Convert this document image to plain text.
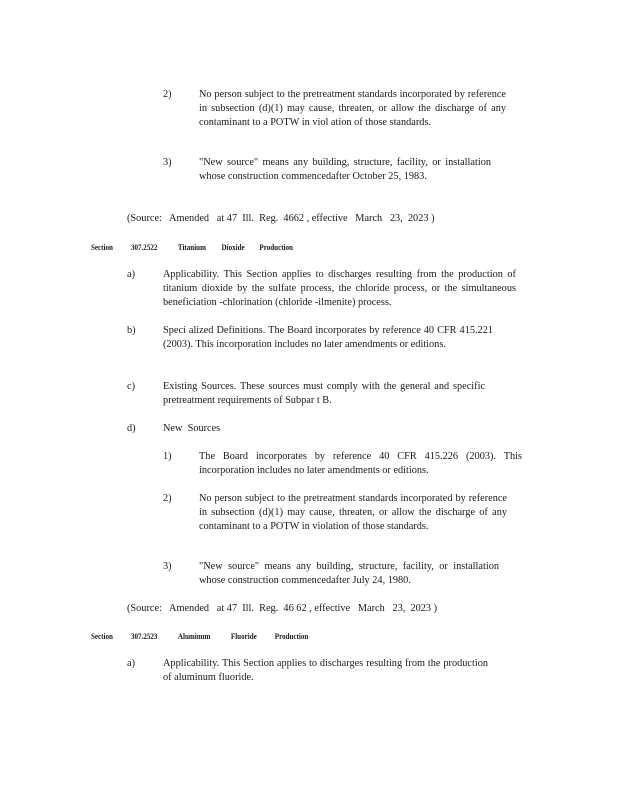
2)	No person subject to the pretreatment standards incorporated by reference in subsection (d)(1) may cause, threaten, or allow the discharge of any contaminant to a POTW in viol ation of those standards.
3)	"New source" means any building, structure, facility, or installation whose construction commencedafter October 25, 1983.
(Source:   Amended   at 47  Ill.  Reg.  4662 , effective   March   23,  2023 )
Section 307.2522 Titanium Dioxide Production
a)	Applicability. This Section applies to discharges resulting from the production of titanium dioxide by the sulfate process, the chloride process, or the simultaneous beneficiation -chlorination (chloride -ilmenite) process.
b)	Speci alized Definitions. The Board incorporates by reference 40 CFR 415.221 (2003). This incorporation includes no later amendments or editions.
c)	Existing Sources. These sources must comply with the general and specific pretreatment requirements of Subpar t B.
d)	New  Sources
1)	The Board incorporates by reference 40 CFR 415.226 (2003). This incorporation includes no later amendments or editions.
2)	No person subject to the pretreatment standards incorporated by reference in subsection (d)(1) may cause, threaten, or allow the discharge of any contaminant to a POTW in violation of those standards.
3)	"New source" means any building, structure, facility, or installation whose construction commencedafter July 24, 1980.
(Source:   Amended   at 47  Ill.  Reg.  46 62 , effective   March   23,  2023 )
Section 307.2523 Aluminum Fluoride Production
a)	Applicability. This Section applies to discharges resulting from the production of aluminum fluoride.
